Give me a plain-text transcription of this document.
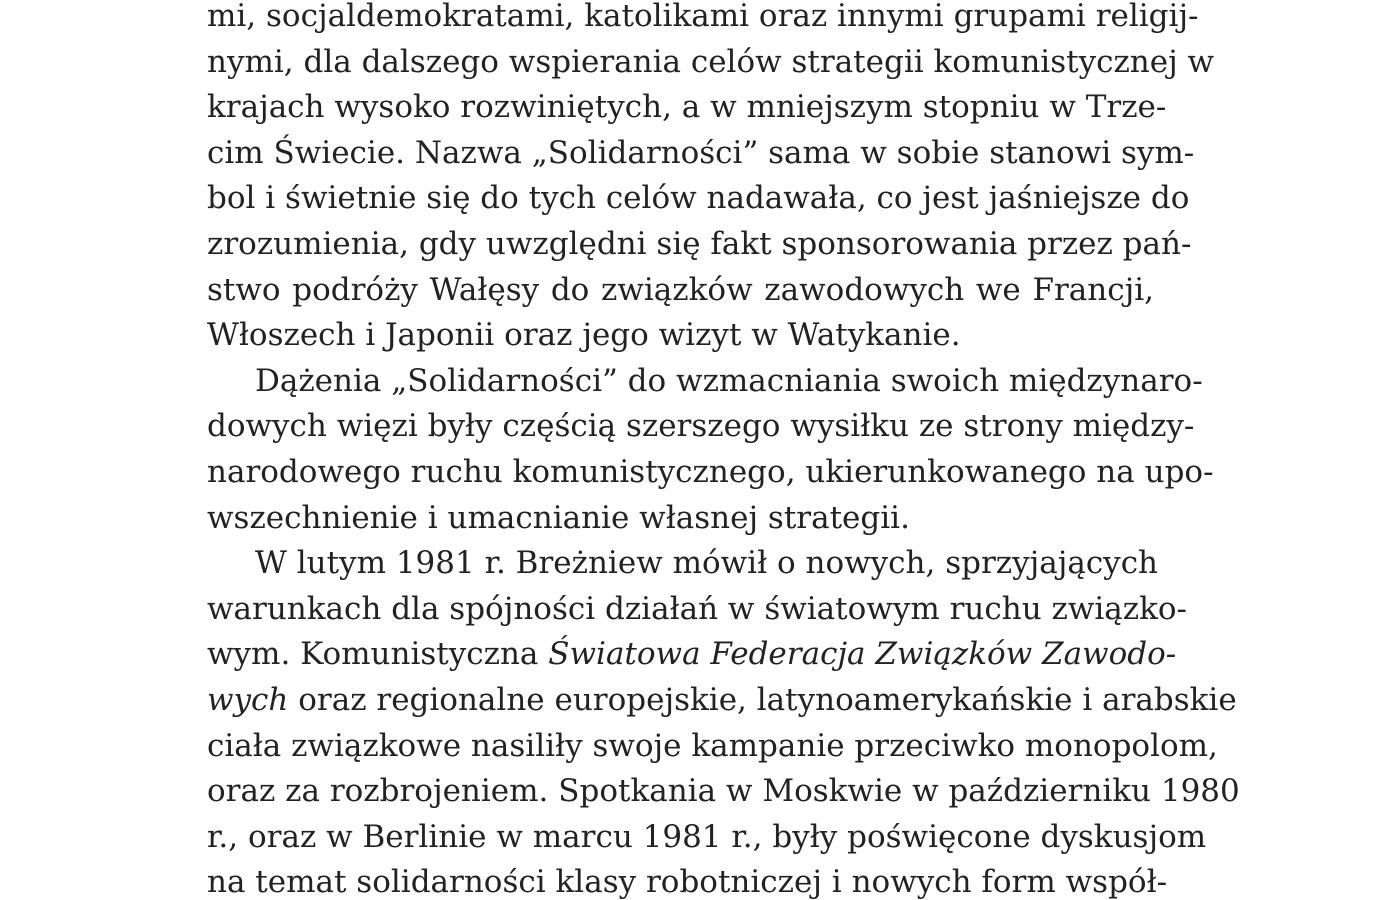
mi, socjaldemokratami, katolikami oraz innymi grupami religij-
nymi, dla dalszego wspierania celów strategii komunistycznej w
krajach wysoko rozwiniętych, a w mniejszym stopniu w Trze-
cim Świecie. Nazwa „Solidarności” sama w sobie stanowi sym-
bol i świetnie się do tych celów nadawała, co jest jaśniejsze do
zrozumienia, gdy uwzględni się fakt sponsorowania przez pań-
stwo podróży Wałęsy do związków zawodowych we Francji,
Włoszech i Japonii oraz jego wizyt w Watykanie.
Dążenia „Solidarności” do wzmacniania swoich międzynaro-
dowych więzi były częścią szerszego wysiłku ze strony między-
narodowego ruchu komunistycznego, ukierunkowanego na upo-
wszechnienie i umacnianie własnej strategii.
W lutym 1981 r. Breżniew mówił o nowych, sprzyjających
warunkach dla spójności działań w światowym ruchu związko-
wym. Komunistyczna Światowa Federacja Związków Zawodo-
wych oraz regionalne europejskie, latynoamerykańskie i arabskie
ciała związkowe nasiliły swoje kampanie przeciwko monopolom,
oraz za rozbrojeniem. Spotkania w Moskwie w październiku 1980
r., oraz w Berlinie w marcu 1981 r., były poświęcone dyskusjom
na temat solidarności klasy robotniczej i nowych form współ-
